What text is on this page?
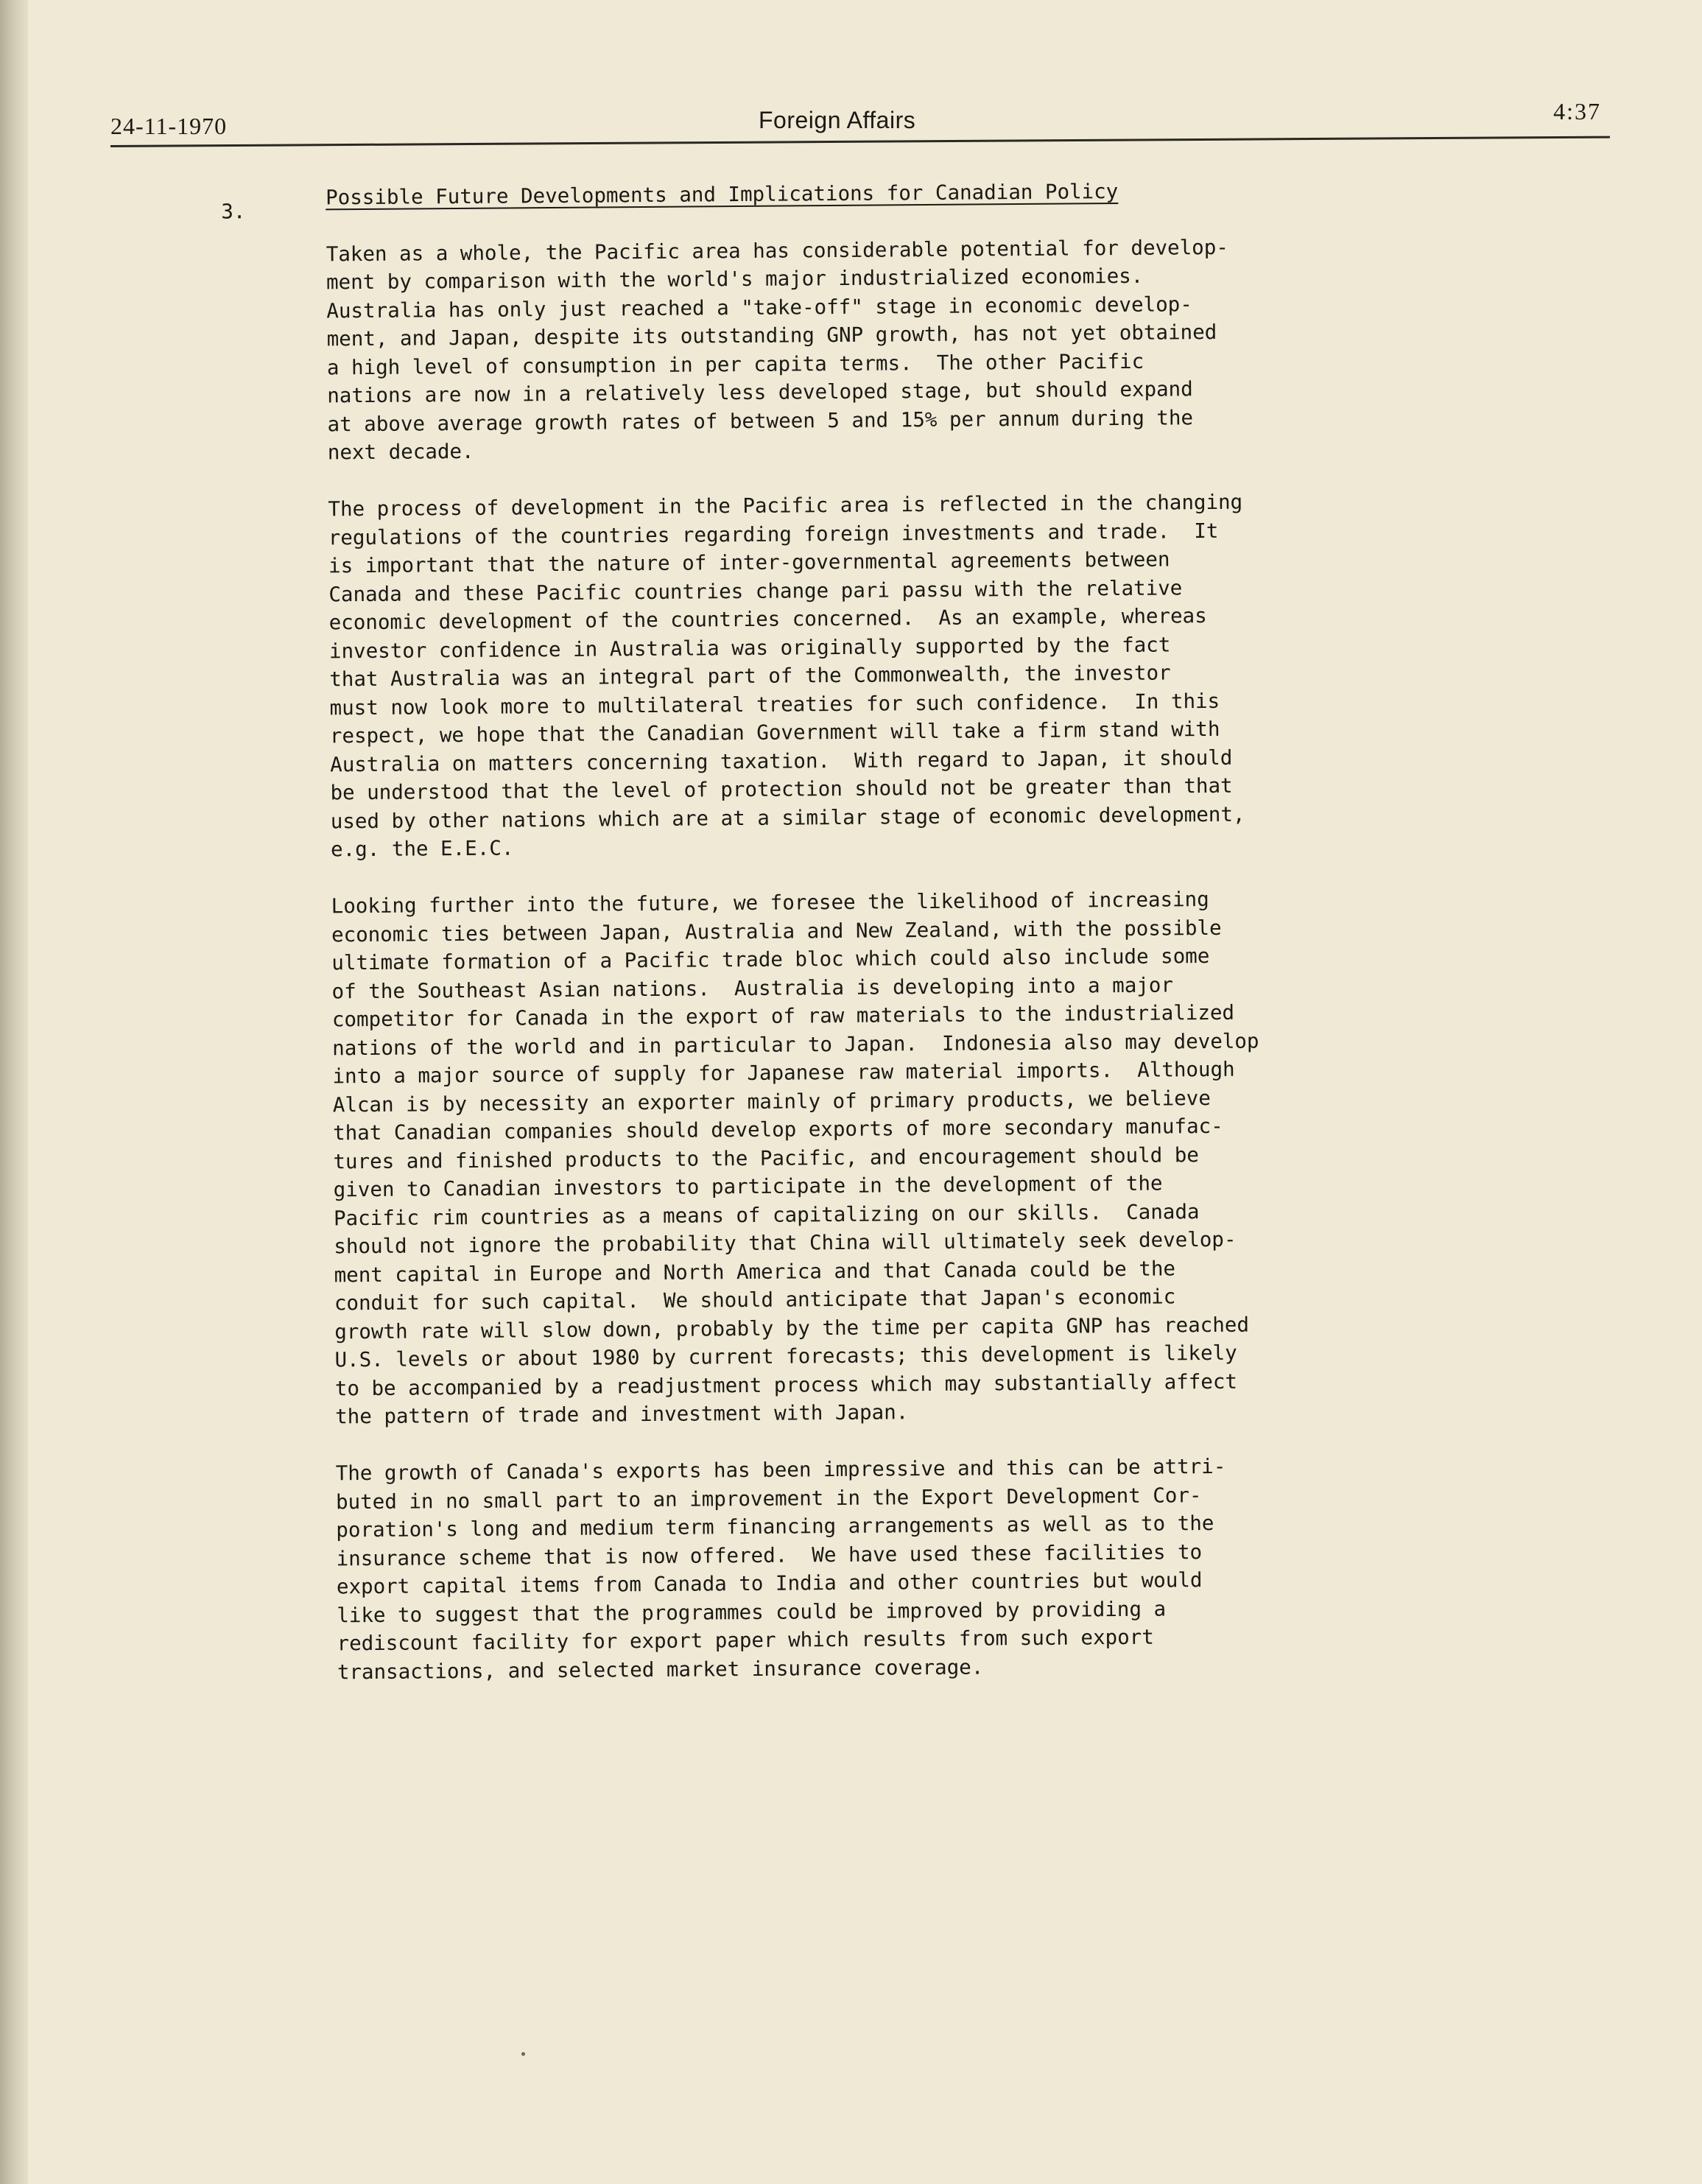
24-11-1970	Foreign Affairs	4:37
3.
Possible Future Developments and Implications for Canadian Policy
Taken as a whole, the Pacific area has considerable potential for develop-
ment by comparison with the world's major industrialized economies.
Australia has only just reached a "take-off" stage in economic develop-
ment, and Japan, despite its outstanding GNP growth, has not yet obtained
a high level of consumption in per capita terms.  The other Pacific
nations are now in a relatively less developed stage, but should expand
at above average growth rates of between 5 and 15% per annum during the
next decade.
The process of development in the Pacific area is reflected in the changing
regulations of the countries regarding foreign investments and trade.  It
is important that the nature of inter-governmental agreements between
Canada and these Pacific countries change pari passu with the relative
economic development of the countries concerned.  As an example, whereas
investor confidence in Australia was originally supported by the fact
that Australia was an integral part of the Commonwealth, the investor
must now look more to multilateral treaties for such confidence.  In this
respect, we hope that the Canadian Government will take a firm stand with
Australia on matters concerning taxation.  With regard to Japan, it should
be understood that the level of protection should not be greater than that
used by other nations which are at a similar stage of economic development,
e.g. the E.E.C.
Looking further into the future, we foresee the likelihood of increasing
economic ties between Japan, Australia and New Zealand, with the possible
ultimate formation of a Pacific trade bloc which could also include some
of the Southeast Asian nations.  Australia is developing into a major
competitor for Canada in the export of raw materials to the industrialized
nations of the world and in particular to Japan.  Indonesia also may develop
into a major source of supply for Japanese raw material imports.  Although
Alcan is by necessity an exporter mainly of primary products, we believe
that Canadian companies should develop exports of more secondary manufac-
tures and finished products to the Pacific, and encouragement should be
given to Canadian investors to participate in the development of the
Pacific rim countries as a means of capitalizing on our skills.  Canada
should not ignore the probability that China will ultimately seek develop-
ment capital in Europe and North America and that Canada could be the
conduit for such capital.  We should anticipate that Japan's economic
growth rate will slow down, probably by the time per capita GNP has reached
U.S. levels or about 1980 by current forecasts; this development is likely
to be accompanied by a readjustment process which may substantially affect
the pattern of trade and investment with Japan.
The growth of Canada's exports has been impressive and this can be attri-
buted in no small part to an improvement in the Export Development Cor-
poration's long and medium term financing arrangements as well as to the
insurance scheme that is now offered.  We have used these facilities to
export capital items from Canada to India and other countries but would
like to suggest that the programmes could be improved by providing a
rediscount facility for export paper which results from such export
transactions, and selected market insurance coverage.
